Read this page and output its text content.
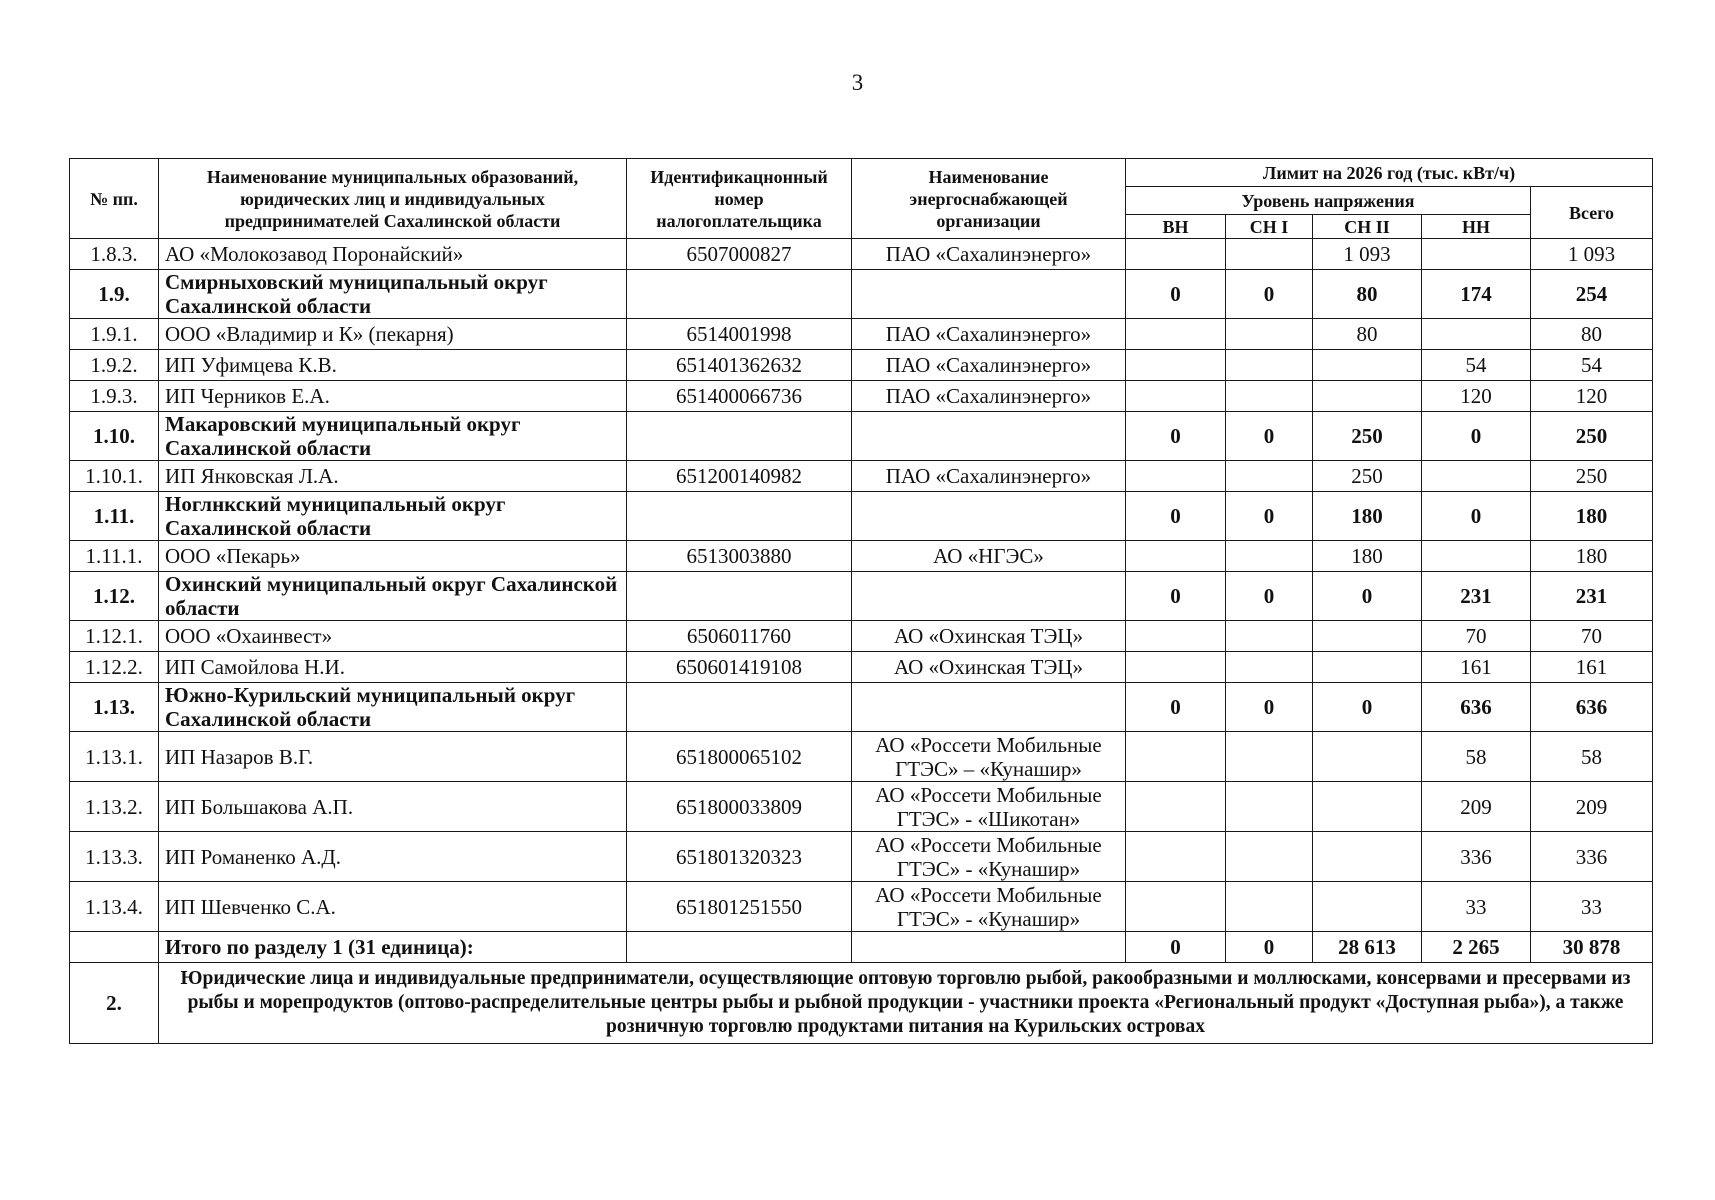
3
№ пп.	Наименование муниципальных образований, юридических лиц и индивидуальных предпринимателей Сахалинской области	Идентификацнонный номер налогоплательщика	Наименование энергоснабжающей организации	Лимит на 2026 год (тыс. кВт/ч)				
				Уровень напряжения				Всего
				ВН	СН I	СН II	НН	
1.8.3.	АО «Молокозавод Поронайский»	6507000827	ПАО «Сахалинэнерго»			1 093		1 093
1.9.	Смирныховский муниципальный округ Сахалинской области			0	0	80	174	254
1.9.1.	ООО «Владимир и К» (пекарня)	6514001998	ПАО «Сахалинэнерго»			80		80
1.9.2.	ИП Уфимцева К.В.	651401362632	ПАО «Сахалинэнерго»				54	54
1.9.3.	ИП Черников Е.А.	651400066736	ПАО «Сахалинэнерго»				120	120
1.10.	Макаровский муниципальный округ Сахалинской области			0	0	250	0	250
1.10.1.	ИП Янковская Л.А.	651200140982	ПАО «Сахалинэнерго»			250		250
1.11.	Ноглнкский муниципальный округ Сахалинской области			0	0	180	0	180
1.11.1.	ООО «Пекарь»	6513003880	АО «НГЭС»			180		180
1.12.	Охинский муниципальный округ Сахалинской области			0	0	0	231	231
1.12.1.	ООО «Охаинвест»	6506011760	АО «Охинская ТЭЦ»				70	70
1.12.2.	ИП Самойлова Н.И.	650601419108	АО «Охинская ТЭЦ»				161	161
1.13.	Южно-Курильский муниципальный округ Сахалинской области			0	0	0	636	636
1.13.1.	ИП Назаров В.Г.	651800065102	АО «Россети Мобильные ГТЭС» – «Кунашир»				58	58
1.13.2.	ИП Большакова А.П.	651800033809	АО «Россети Мобильные ГТЭС» - «Шикотан»				209	209
1.13.3.	ИП Романенко А.Д.	651801320323	АО «Россети Мобильные ГТЭС» - «Кунашир»				336	336
1.13.4.	ИП Шевченко С.А.	651801251550	АО «Россети Мобильные ГТЭС» - «Кунашир»				33	33
	Итого по разделу 1 (31 единица):			0	0	28 613	2 265	30 878
2.	Юридические лица и индивидуальные предприниматели, осуществляющие оптовую торговлю рыбой, ракообразными и моллюсками, консервами и пресервами из рыбы и морепродуктов (оптово-распределительные центры рыбы и рыбной продукции - участники проекта «Региональный продукт «Доступная рыба»), а также розничную торговлю продуктами питания на Курильских островах							
